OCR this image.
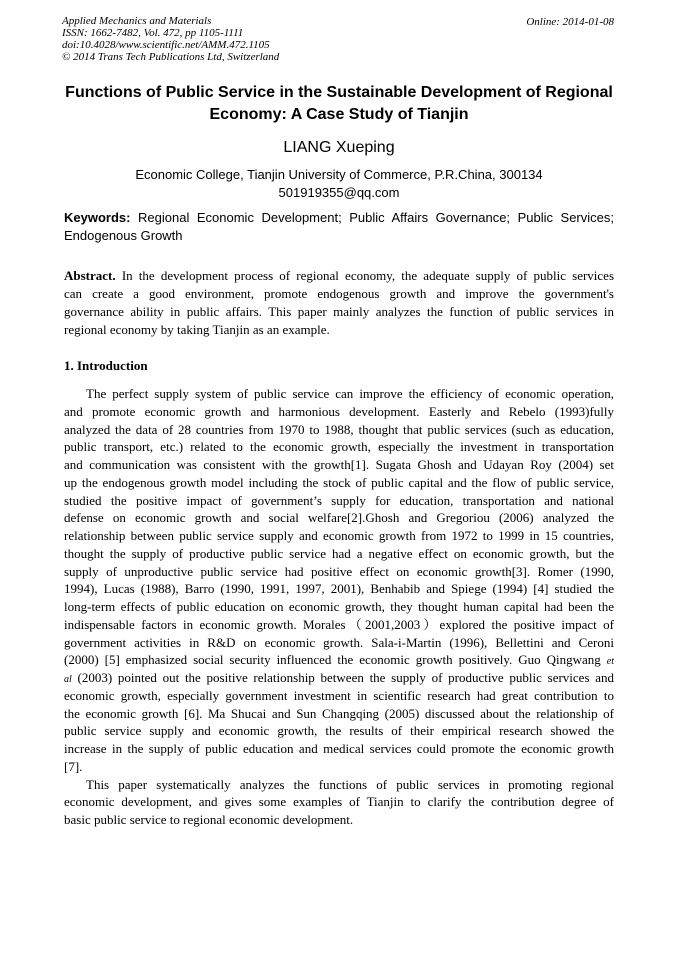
Applied Mechanics and Materials
ISSN: 1662-7482, Vol. 472, pp 1105-1111
doi:10.4028/www.scientific.net/AMM.472.1105
© 2014 Trans Tech Publications Ltd, Switzerland
Online: 2014-01-08
Functions of Public Service in the Sustainable Development of Regional
Economy: A Case Study of Tianjin
LIANG Xueping
Economic College, Tianjin University of Commerce, P.R.China, 300134
501919355@qq.com
Keywords: Regional Economic Development; Public Affairs Governance; Public Services;
Endogenous Growth
Abstract. In the development process of regional economy, the adequate supply of public services
can create a good environment, promote endogenous growth and improve the government's
governance ability in public affairs. This paper mainly analyzes the function of public services in
regional economy by taking Tianjin as an example.
1. Introduction
The perfect supply system of public service can improve the efficiency of economic operation,
and promote economic growth and harmonious development. Easterly and Rebelo (1993)fully
analyzed the data of 28 countries from 1970 to 1988, thought that public services (such as education,
public transport, etc.) related to the economic growth, especially the investment in transportation
and communication was consistent with the growth[1]. Sugata Ghosh and Udayan Roy (2004) set
up the endogenous growth model including the stock of public capital and the flow of public service,
studied the positive impact of government’s supply for education, transportation and national
defense on economic growth and social welfare[2].Ghosh and Gregoriou (2006) analyzed the
relationship between public service supply and economic growth from 1972 to 1999 in 15 countries,
thought the supply of productive public service had a negative effect on economic growth, but the
supply of unproductive public service had positive effect on economic growth[3]. Romer (1990,
1994), Lucas (1988), Barro (1990, 1991, 1997, 2001), Benhabib and Spiege (1994) [4] studied the
long-term effects of public education on economic growth, they thought human capital had been the
indispensable factors in economic growth. Morales（2001,2003）explored the positive impact of
government activities in R&D on economic growth. Sala-i-Martin (1996), Bellettini and Ceroni
(2000) [5] emphasized social security influenced the economic growth positively. Guo Qingwang et
al (2003) pointed out the positive relationship between the supply of productive public services and
economic growth, especially government investment in scientific research had great contribution to
the economic growth [6]. Ma Shucai and Sun Changqing (2005) discussed about the relationship of
public service supply and economic growth, the results of their empirical research showed the
increase in the supply of public education and medical services could promote the economic growth
[7].
This paper systematically analyzes the functions of public services in promoting regional
economic development, and gives some examples of Tianjin to clarify the contribution degree of
basic public service to regional economic development.
